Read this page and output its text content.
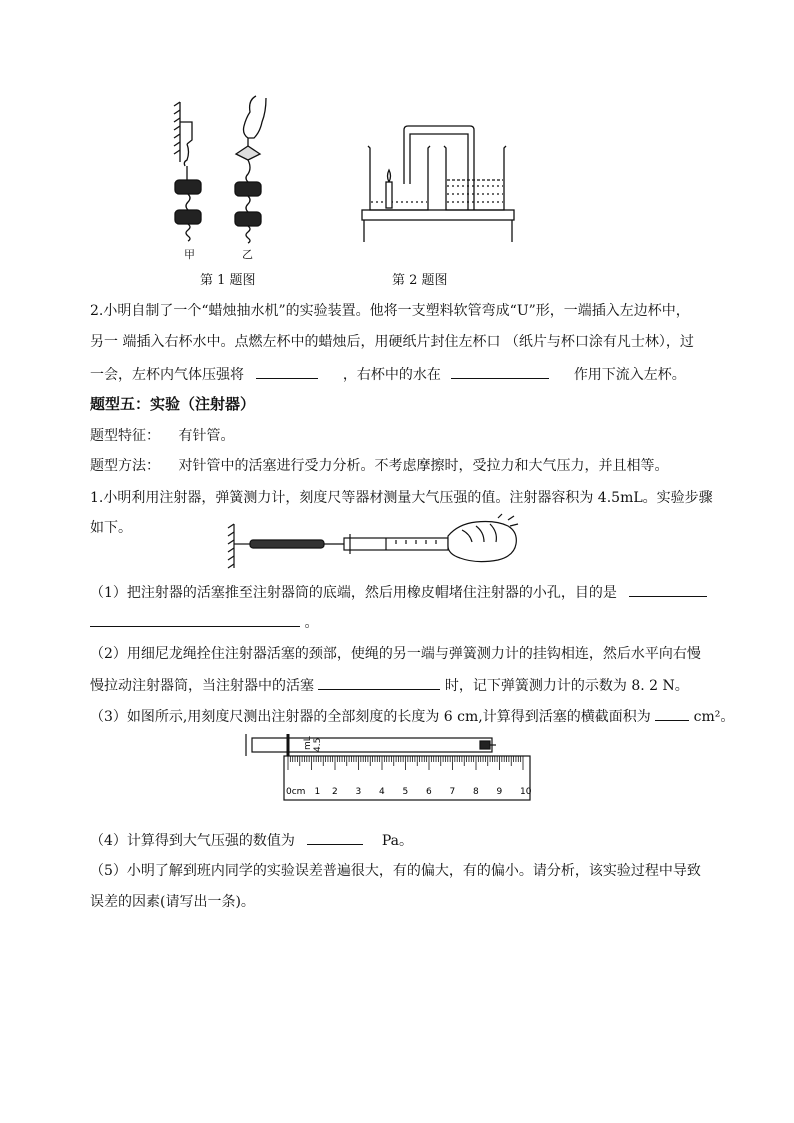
甲	乙
第 1 题图	第 2 题图
2.小明自制了一个“蜡烛抽水机”的实验装置。他将一支塑料软管弯成“U”形，一端插入左边杯中，
另一 端插入右杯水中。点燃左杯中的蜡烛后，用硬纸片封住左杯口 （纸片与杯口涂有凡士林），过
一会，左杯内气体压强将	，右杯中的水在	作用下流入左杯。
题型五：实验（注射器）
题型特征： 有针管。
题型方法： 对针管中的活塞进行受力分析。不考虑摩擦时，受拉力和大气压力，并且相等。
1.小明利用注射器，弹簧测力计，刻度尺等器材测量大气压强的值。注射器容积为 4.5mL。实验步骤
如下。
（1）把注射器的活塞推至注射器筒的底端，然后用橡皮帽堵住注射器的小孔，目的是
。
（2）用细尼龙绳拴住注射器活塞的颈部，使绳的另一端与弹簧测力计的挂钩相连，然后水平向右慢
慢拉动注射器筒，当注射器中的活塞	时，记下弹簧测力计的示数为 8. 2 N。
（3）如图所示,用刻度尺测出注射器的全部刻度的长度为 6 cm,计算得到活塞的横截面积为	cm²。
mL 4.5
0cm 1 2 3 4 5 6 7 8 9 10
（4）计算得到大气压强的数值为	Pa。
（5）小明了解到班内同学的实验误差普遍很大，有的偏大，有的偏小。请分析，该实验过程中导致
误差的因素(请写出一条)。
